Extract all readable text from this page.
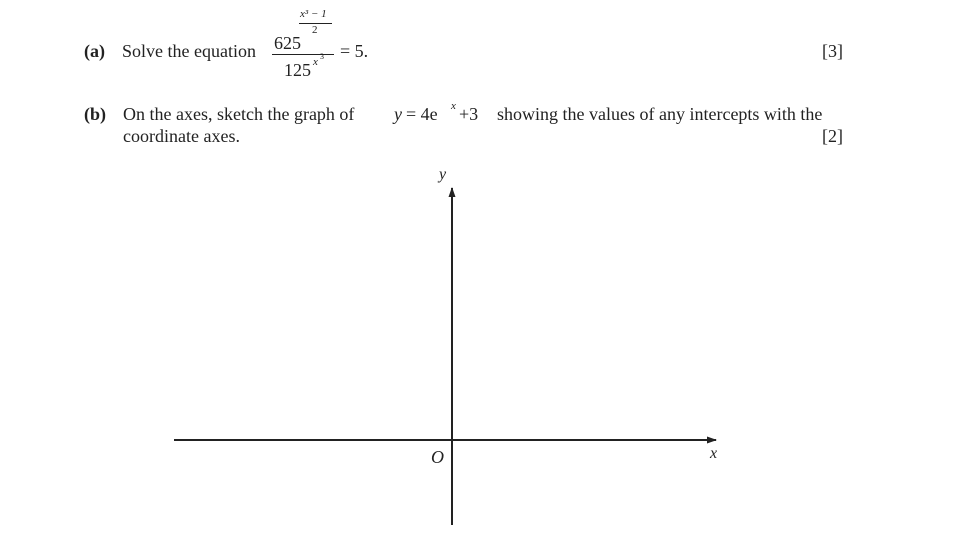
(a) Solve the equation
x³ − 1
2
625
125 x 3 = 5.	[3]
(b) On the axes, sketch the graph of y = 4e x +3 showing the values of any intercepts with the
coordinate axes.	[2]
y
x
O
